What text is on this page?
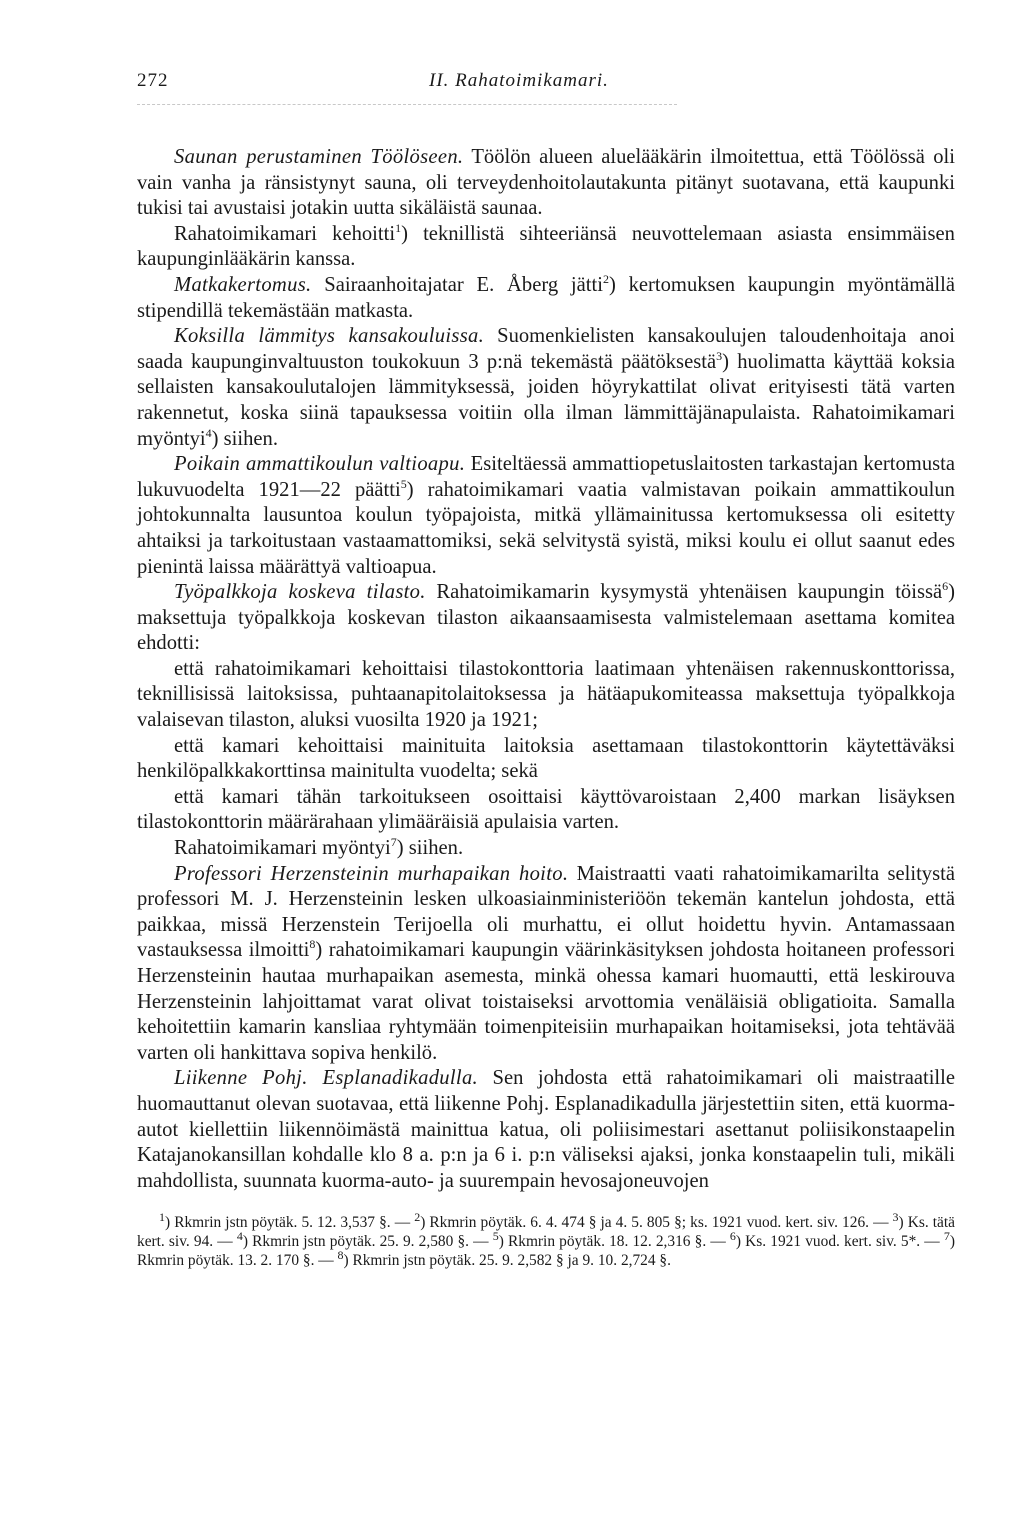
272	II. Rahatoimikamari.

Saunan perustaminen Töölöseen. Töölön alueen aluelääkärin ilmoitettua, että Töölössä oli vain vanha ja ränsistynyt sauna, oli terveydenhoitolautakunta pitänyt suotavana, että kaupunki tukisi tai avustaisi jotakin uutta sikäläistä saunaa.

Rahatoimikamari kehoitti$^1$) teknillistä sihteeriänsä neuvottelemaan asiasta ensimmäisen kaupunginlääkärin kanssa.

Matkakertomus. Sairaanhoitajatar E. Åberg jätti$^2$) kertomuksen kaupungin myöntämällä stipendillä tekemästään matkasta.

Koksilla lämmitys kansakouluissa. Suomenkielisten kansakoulujen taloudenhoitaja anoi saada kaupunginvaltuuston toukokuun 3 p:nä tekemästä päätöksestä$^3$) huolimatta käyttää koksia sellaisten kansakoulutalojen lämmityksessä, joiden höyrykattilat olivat erityisesti tätä varten rakennetut, koska siinä tapauksessa voitiin olla ilman lämmittäjänapulaista. Rahatoimikamari myöntyi$^4$) siihen.

Poikain ammattikoulun valtioapu. Esiteltäessä ammattiopetuslaitosten tarkastajan kertomusta lukuvuodelta 1921—22 päätti$^5$) rahatoimikamari vaatia valmistavan poikain ammattikoulun johtokunnalta lausuntoa koulun työpajoista, mitkä yllämainitussa kertomuksessa oli esitetty ahtaiksi ja tarkoitustaan vastaamattomiksi, sekä selvitystä syistä, miksi koulu ei ollut saanut edes pienintä laissa määrättyä valtioapua.

Työpalkkoja koskeva tilasto. Rahatoimikamarin kysymystä yhtenäisen kaupungin töissä$^6$) maksettuja työpalkkoja koskevan tilaston aikaansaamisesta valmistelemaan asettama komitea ehdotti:

että rahatoimikamari kehoittaisi tilastokonttoria laatimaan yhtenäisen rakennuskonttorissa, teknillisissä laitoksissa, puhtaanapitolaitoksessa ja hätäapukomiteassa maksettuja työpalkkoja valaisevan tilaston, aluksi vuosilta 1920 ja 1921;

että kamari kehoittaisi mainituita laitoksia asettamaan tilastokonttorin käytettäväksi henkilöpalkkakorttinsa mainitulta vuodelta; sekä

että kamari tähän tarkoitukseen osoittaisi käyttövaroistaan 2,400 markan lisäyksen tilastokonttorin määrärahaan ylimääräisiä apulaisia varten.

Rahatoimikamari myöntyi$^7$) siihen.

Professori Herzensteinin murhapaikan hoito. Maistraatti vaati rahatoimikamarilta selitystä professori M. J. Herzensteinin lesken ulkoasiainministeriöön tekemän kantelun johdosta, että paikkaa, missä Herzenstein Terijoella oli murhattu, ei ollut hoidettu hyvin. Antamassaan vastauksessa ilmoitti$^8$) rahatoimikamari kaupungin väärinkäsityksen johdosta hoitaneen professori Herzensteinin hautaa murhapaikan asemesta, minkä ohessa kamari huomautti, että leskirouva Herzensteinin lahjoittamat varat olivat toistaiseksi arvottomia venäläisiä obligatioita. Samalla kehoitettiin kamarin kansliaa ryhtymään toimenpiteisiin murhapaikan hoitamiseksi, jota tehtävää varten oli hankittava sopiva henkilö.

Liikenne Pohj. Esplanadikadulla. Sen johdosta että rahatoimikamari oli maistraatille huomauttanut olevan suotavaa, että liikenne Pohj. Esplanadikadulla järjestettiin siten, että kuorma-autot kiellettiin liikennöimästä mainittua katua, oli poliisimestari asettanut poliisikonstaapelin Katajanokansillan kohdalle klo 8 a. p:n ja 6 i. p:n väliseksi ajaksi, jonka konstaapelin tuli, mikäli mahdollista, suunnata kuorma-auto- ja suurempain hevosajoneuvojen

$^1$) Rkmrin jstn pöytäk. 5. 12. 3,537 §. — $^2$) Rkmrin pöytäk. 6. 4. 474 § ja 4. 5. 805 §; ks. 1921 vuod. kert. siv. 126. — $^3$) Ks. tätä kert. siv. 94. — $^4$) Rkmrin jstn pöytäk. 25. 9. 2,580 §. — $^5$) Rkmrin pöytäk. 18. 12. 2,316 §. — $^6$) Ks. 1921 vuod. kert. siv. 5*. — $^7$) Rkmrin pöytäk. 13. 2. 170 §. — $^8$) Rkmrin jstn pöytäk. 25. 9. 2,582 § ja 9. 10. 2,724 §.
